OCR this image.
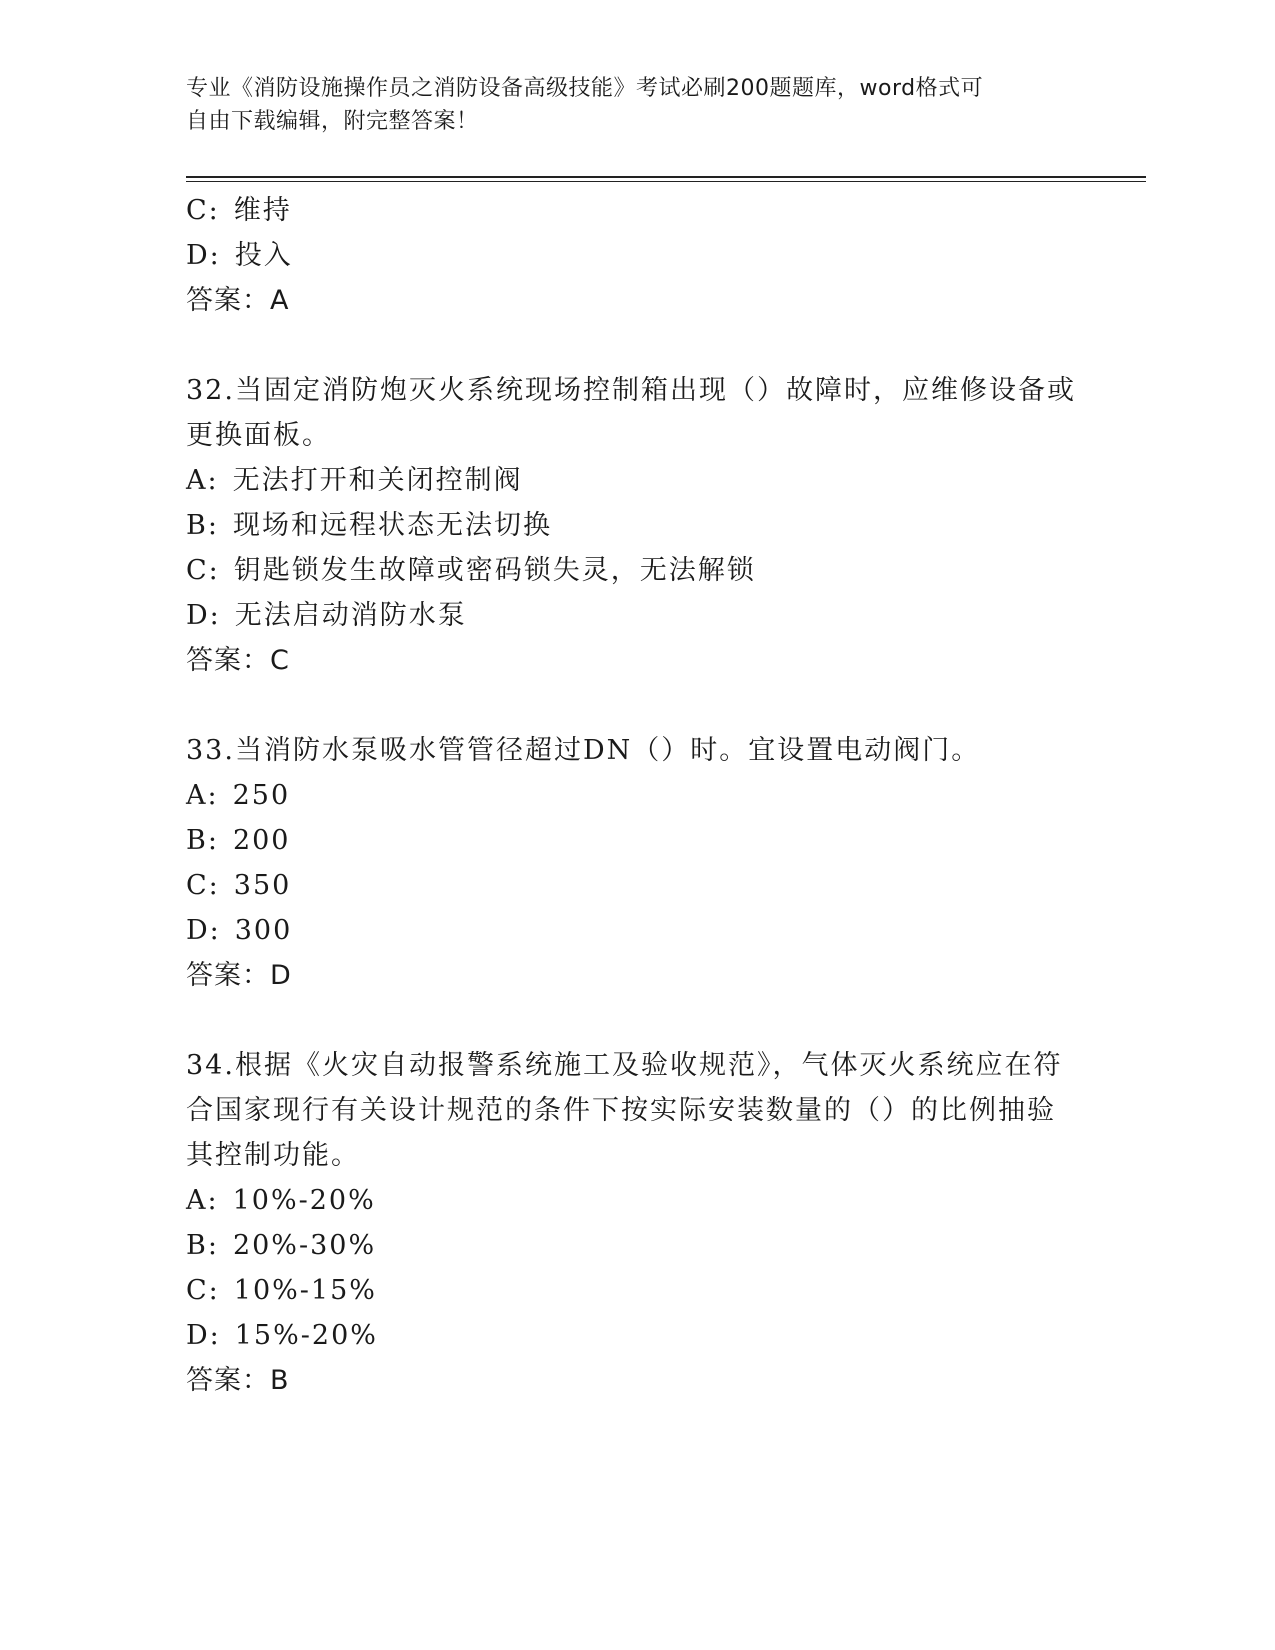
专业《消防设施操作员之消防设备高级技能》考试必刷200题题库，word格式可
自由下载编辑，附完整答案！
C: 维持
D: 投入
答案：A
32.当固定消防炮灭火系统现场控制箱出现（）故障时，应维修设备或
更换面板。
A: 无法打开和关闭控制阀
B: 现场和远程状态无法切换
C: 钥匙锁发生故障或密码锁失灵，无法解锁
D: 无法启动消防水泵
答案：C
33.当消防水泵吸水管管径超过DN（）时。宜设置电动阀门。
A: 250
B: 200
C: 350
D: 300
答案：D
34.根据《火灾自动报警系统施工及验收规范》，气体灭火系统应在符
合国家现行有关设计规范的条件下按实际安装数量的（）的比例抽验
其控制功能。
A: 10%-20%
B: 20%-30%
C: 10%-15%
D: 15%-20%
答案：B
